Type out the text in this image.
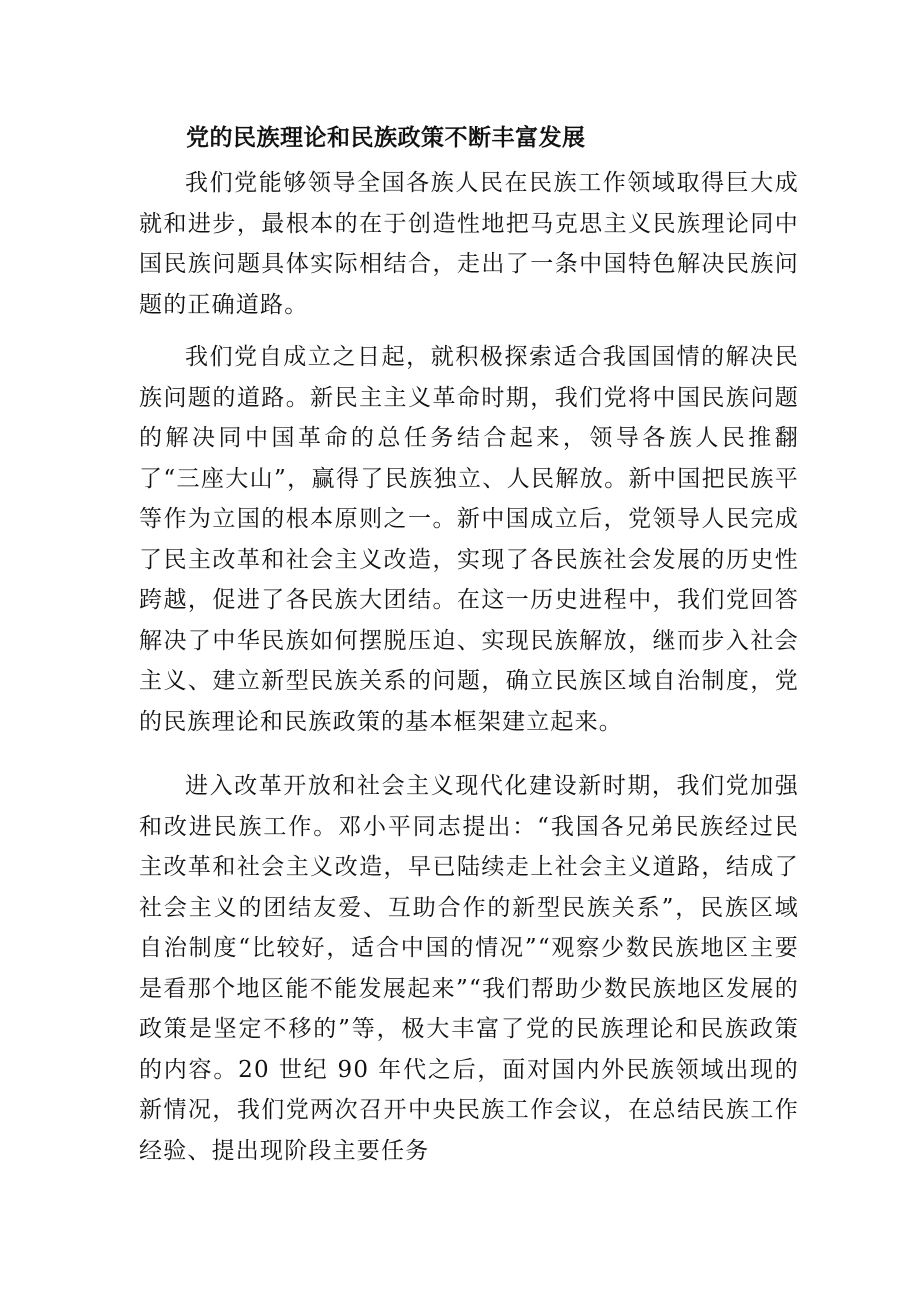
党的民族理论和民族政策不断丰富发展

我们党能够领导全国各族人民在民族工作领域取得巨大成就和进步，最根本的在于创造性地把马克思主义民族理论同中国民族问题具体实际相结合，走出了一条中国特色解决民族问题的正确道路。

我们党自成立之日起，就积极探索适合我国国情的解决民族问题的道路。新民主主义革命时期，我们党将中国民族问题的解决同中国革命的总任务结合起来，领导各族人民推翻了“三座大山”，赢得了民族独立、人民解放。新中国把民族平等作为立国的根本原则之一。新中国成立后，党领导人民完成了民主改革和社会主义改造，实现了各民族社会发展的历史性跨越，促进了各民族大团结。在这一历史进程中，我们党回答解决了中华民族如何摆脱压迫、实现民族解放，继而步入社会主义、建立新型民族关系的问题，确立民族区域自治制度，党的民族理论和民族政策的基本框架建立起来。

进入改革开放和社会主义现代化建设新时期，我们党加强和改进民族工作。邓小平同志提出：“我国各兄弟民族经过民主改革和社会主义改造，早已陆续走上社会主义道路，结成了社会主义的团结友爱、互助合作的新型民族关系”，民族区域自治制度“比较好，适合中国的情况”“观察少数民族地区主要是看那个地区能不能发展起来”“我们帮助少数民族地区发展的政策是坚定不移的”等，极大丰富了党的民族理论和民族政策的内容。20 世纪 90 年代之后，面对国内外民族领域出现的新情况，我们党两次召开中央民族工作会议，在总结民族工作经验、提出现阶段主要任务
